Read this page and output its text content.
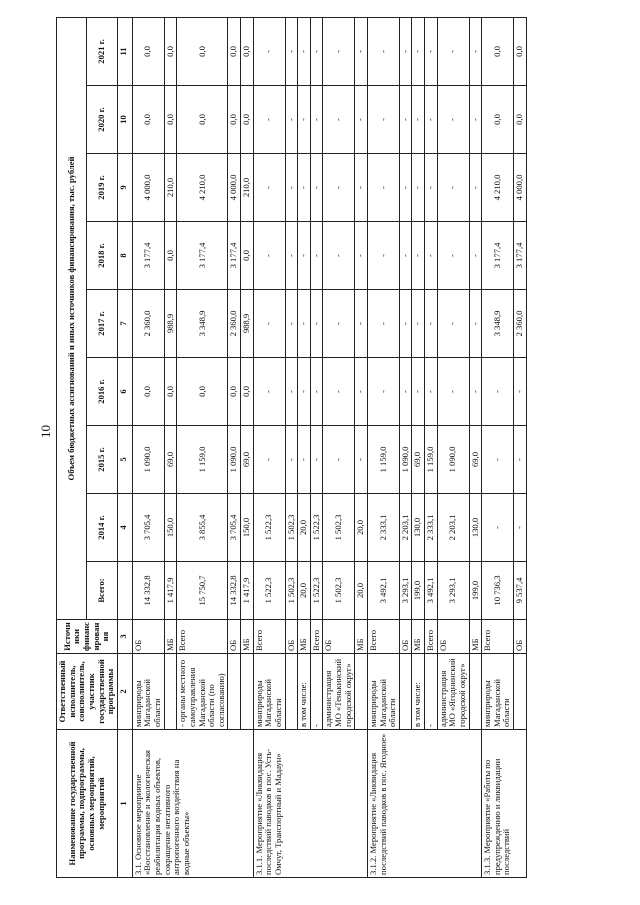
10
Наименование государственной программы, подпрограммы, основных мероприятий, мероприятий	Ответственный исполнитель, соисполнитель, участник государственной программы	Источники финансирования	Объем бюджетных ассигнований и иных источников финансирования, тыс. рублей								
			Всего:	2014 г.	2015 г.	2016 г.	2017 г.	2018 г.	2019 г.	2020 г.	2021 г.
1	2	3		4	5	6	7	8	9	10	11
3.1. Основное мероприятие «Восстановление и экологическая реабилитация водных объектов, сокращение негативного антропогенного воздействия на водные объекты»	минприроды Магаданской области	ОБ	14 332,8	3 705,4	1 090,0	0,0	2 360,0	3 177,4	4 000,0	0,0	0,0
		МБ	1 417,9	150,0	69,0	0,0	988,9	0,0	210,0	0,0	0,0
	- органы местного самоуправления Магаданской области (по согласованию)	Всего	15 750,7	3 855,4	1 159,0	0,0	3 348,9	3 177,4	4 210,0	0,0	0,0
		ОБ	14 332,8	3 705,4	1 090,0	0,0	2 360,0	3 177,4	4 000,0	0,0	0,0
		МБ	1 417,9	150,0	69,0	0,0	988,9	0,0	210,0	0,0	0,0
3.1.1. Мероприятие «Ликвидация последствий паводков в пос. Усть-Омчуг, Транспортный и Мадаун»	минприроды Магаданской области	Всего	1 522,3	1 522,3	-	-	-	-	-	-	-
		ОБ	1 502,3	1 502,3	-	-	-	-	-	-	-
	в том числе:	МБ	20,0	20,0	-	-	-	-	-	-	-
	-	Всего	1 522,3	1 522,3	-	-	-	-	-	-	-
	администрация МО «Тенькинский городской округ»	ОБ	1 502,3	1 502,3	-	-	-	-	-	-	-
		МБ	20,0	20,0	-	-	-	-	-	-	-
3.1.2. Мероприятие «Ликвидация последствий паводков в пос. Ягодное»	минприроды Магаданской области	Всего	3 492,1	2 333,1	1 159,0	-	-	-	-	-	-
		ОБ	3 293,1	2 203,1	1 090,0	-	-	-	-	-	-
	в том числе:	МБ	199,0	130,0	69,0	-	-	-	-	-	-
	-	Всего	3 492,1	2 333,1	1 159,0	-	-	-	-	-	-
	администрация МО «Ягоднинский городской округ»	ОБ	3 293,1	2 203,1	1 090,0	-	-	-	-	-	-
		МБ	199,0	130,0	69,0	-	-	-	-	-	-
3.1.3. Мероприятие «Работы по предупреждению и ликвидации последствий	минприроды Магаданской области	Всего	10 736,3	-	-	-	3 348,9	3 177,4	4 210,0	0,0	0,0
		ОБ	9 537,4	-	-	-	2 360,0	3 177,4	4 000,0	0,0	0,0
